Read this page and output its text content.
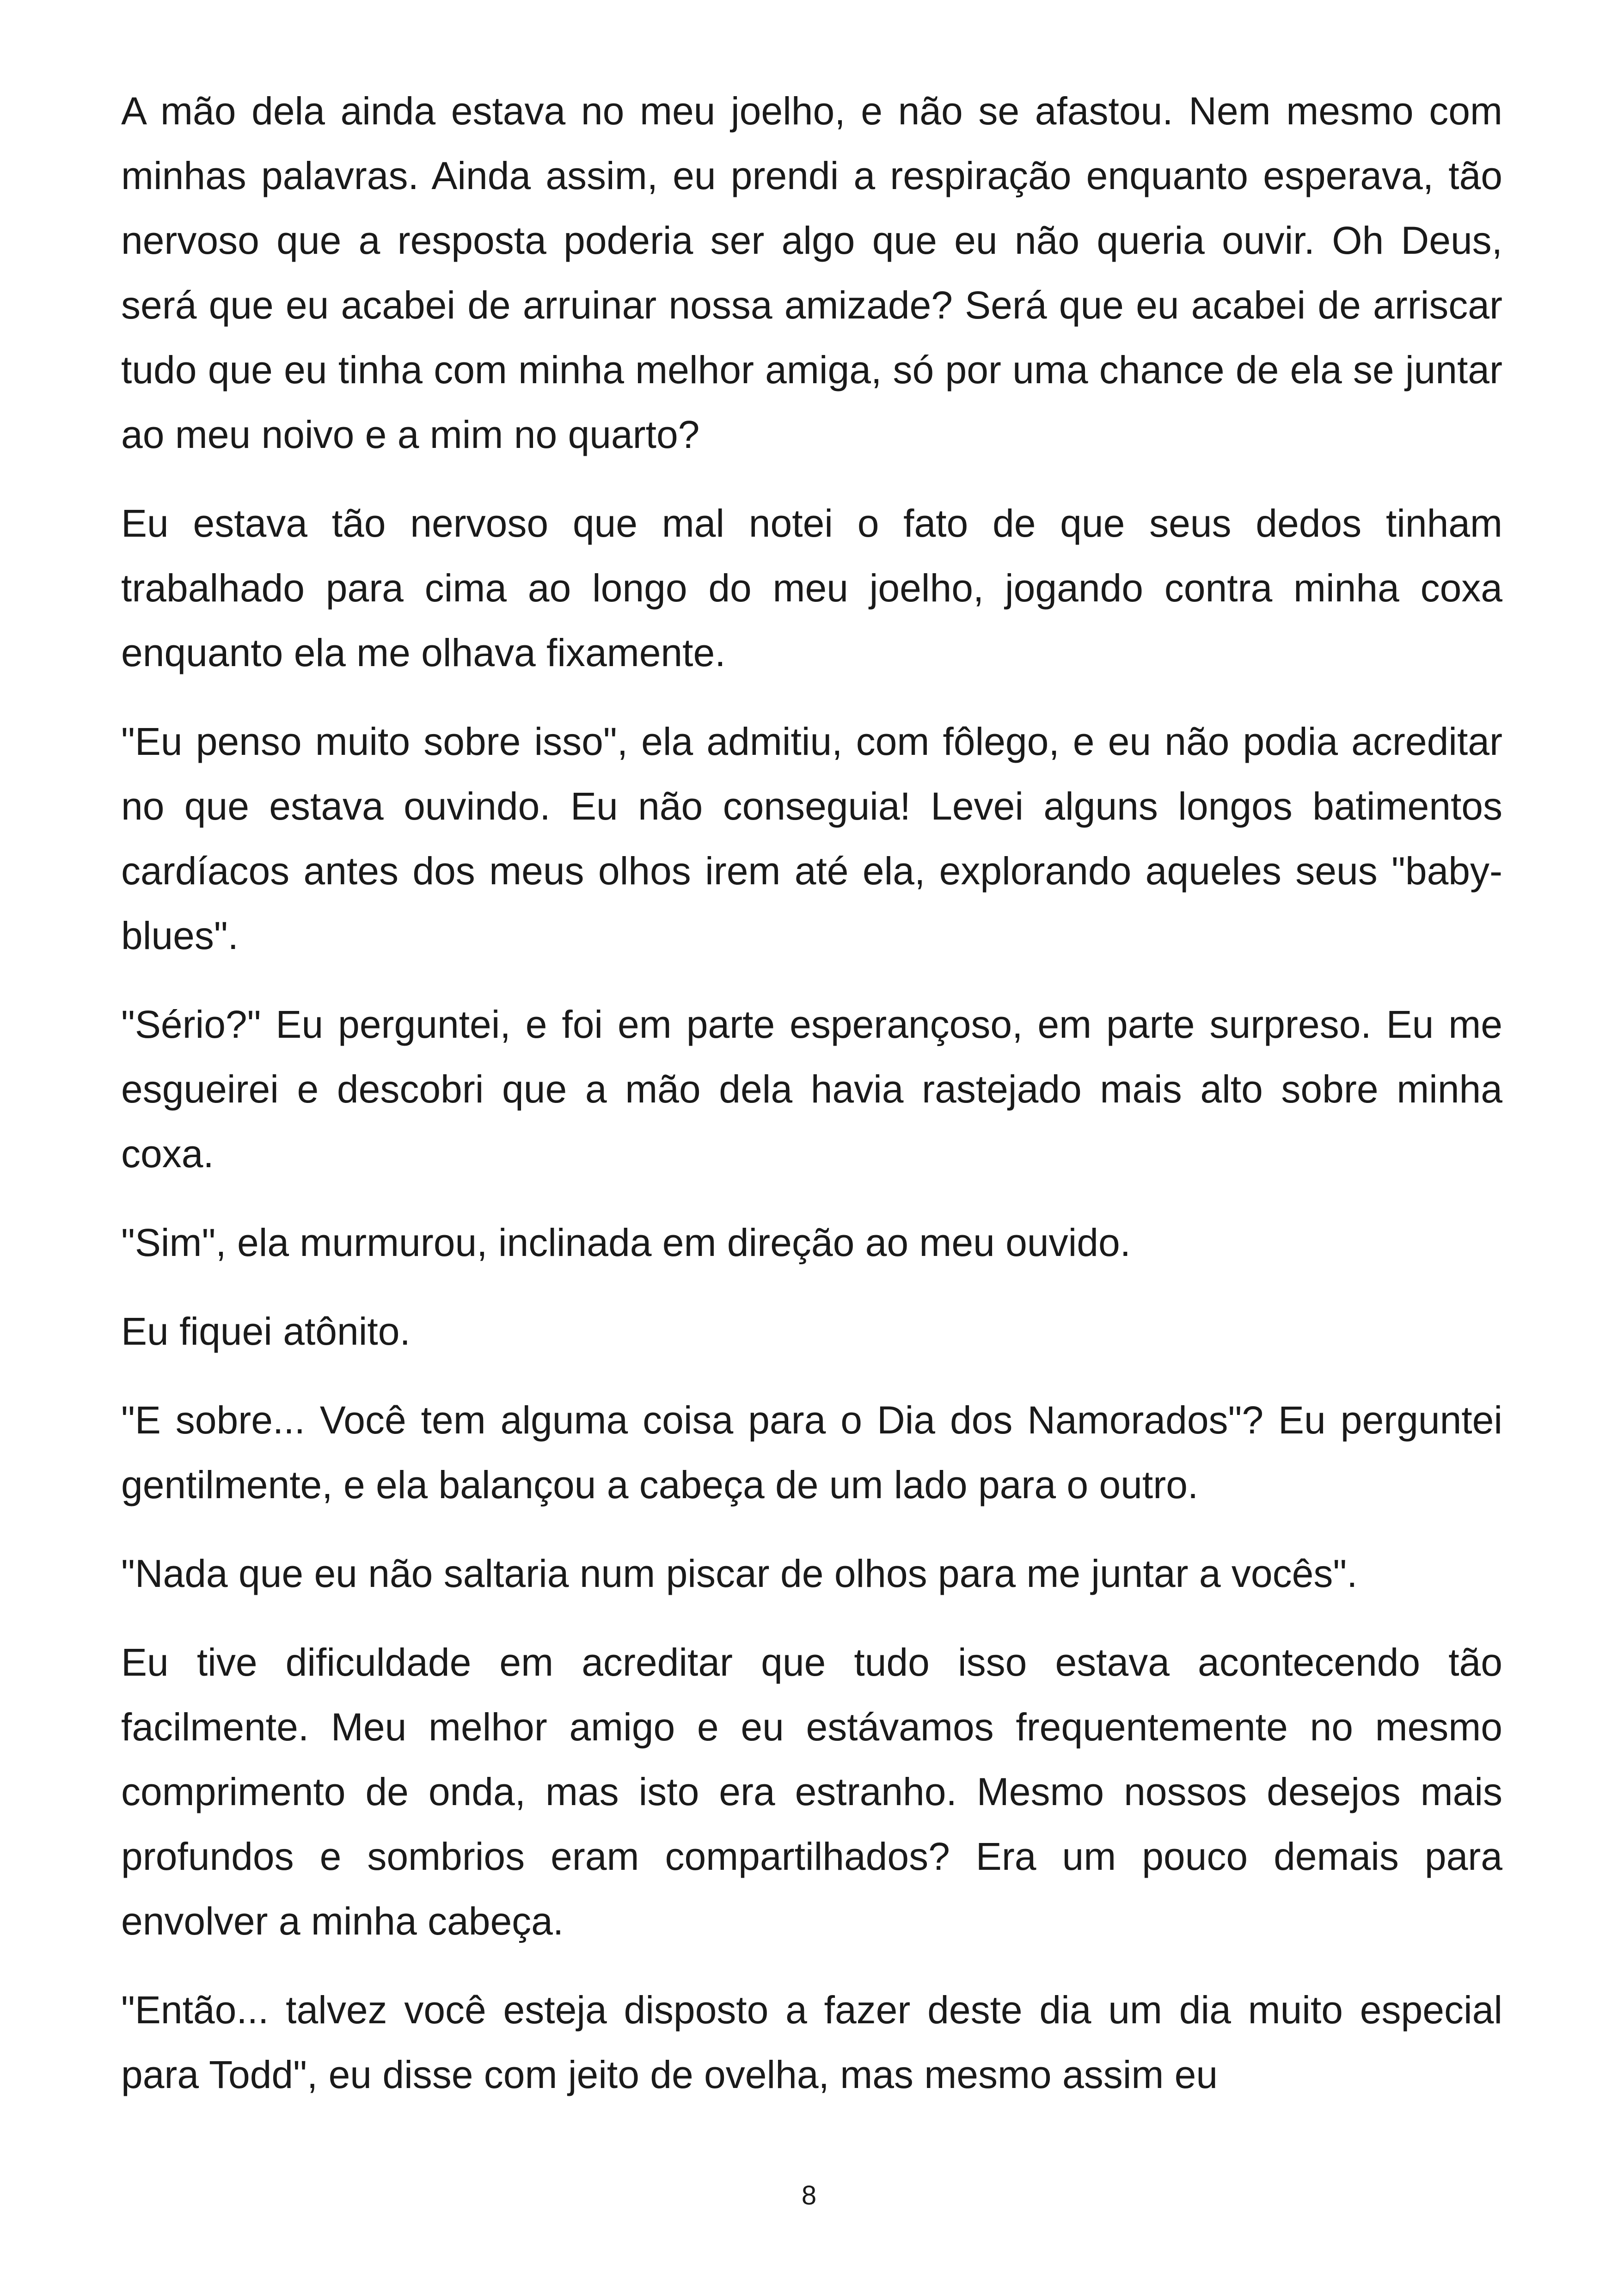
A mão dela ainda estava no meu joelho, e não se afastou. Nem mesmo com minhas palavras. Ainda assim, eu prendi a respiração enquanto esperava, tão nervoso que a resposta poderia ser algo que eu não queria ouvir. Oh Deus, será que eu acabei de arruinar nossa amizade? Será que eu acabei de arriscar tudo que eu tinha com minha melhor amiga, só por uma chance de ela se juntar ao meu noivo e a mim no quarto?

Eu estava tão nervoso que mal notei o fato de que seus dedos tinham trabalhado para cima ao longo do meu joelho, jogando contra minha coxa enquanto ela me olhava fixamente.

"Eu penso muito sobre isso", ela admitiu, com fôlego, e eu não podia acreditar no que estava ouvindo. Eu não conseguia! Levei alguns longos batimentos cardíacos antes dos meus olhos irem até ela, explorando aqueles seus "baby-blues".

"Sério?" Eu perguntei, e foi em parte esperançoso, em parte surpreso. Eu me esgueirei e descobri que a mão dela havia rastejado mais alto sobre minha coxa.

"Sim", ela murmurou, inclinada em direção ao meu ouvido.

Eu fiquei atônito.

"E sobre... Você tem alguma coisa para o Dia dos Namorados"? Eu perguntei gentilmente, e ela balançou a cabeça de um lado para o outro.

"Nada que eu não saltaria num piscar de olhos para me juntar a vocês".

Eu tive dificuldade em acreditar que tudo isso estava acontecendo tão facilmente. Meu melhor amigo e eu estávamos frequentemente no mesmo comprimento de onda, mas isto era estranho. Mesmo nossos desejos mais profundos e sombrios eram compartilhados? Era um pouco demais para envolver a minha cabeça.

"Então... talvez você esteja disposto a fazer deste dia um dia muito especial para Todd", eu disse com jeito de ovelha, mas mesmo assim eu

8
